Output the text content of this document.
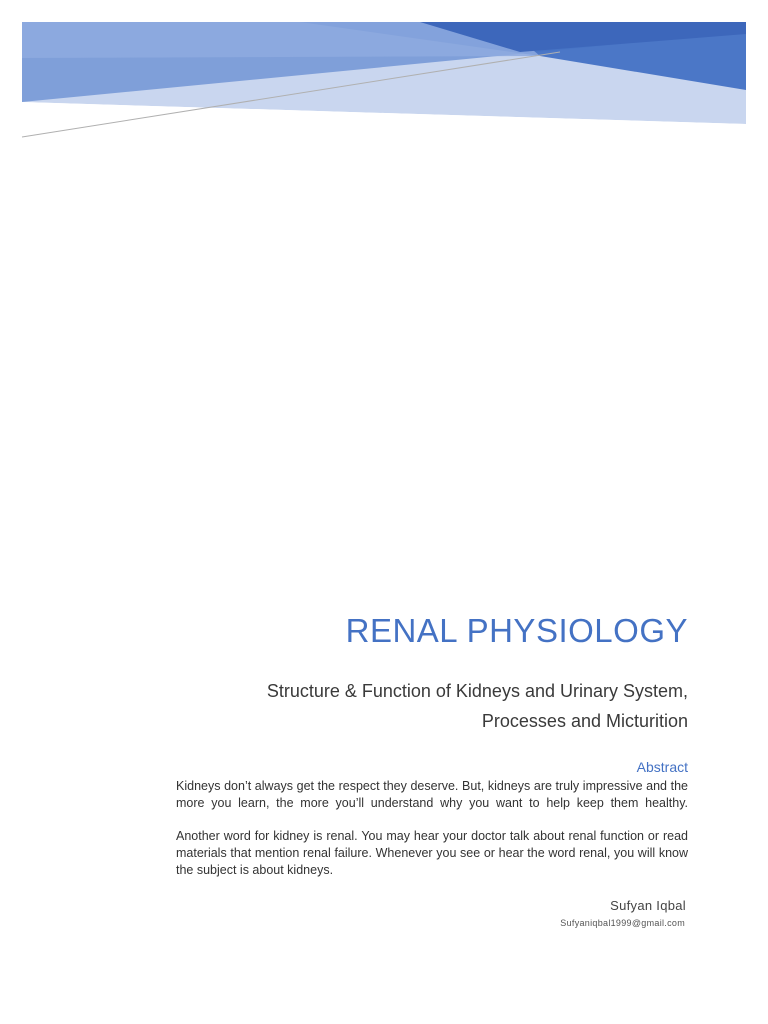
RENAL PHYSIOLOGY
Structure & Function of Kidneys and Urinary System,
Processes and Micturition
Abstract

Kidneys don’t always get the respect they deserve. But, kidneys are truly impressive and the more you learn, the more you’ll understand why you want to help keep them healthy.

Another word for kidney is renal. You may hear your doctor talk about renal function or read materials that mention renal failure. Whenever you see or hear the word renal, you will know the subject is about kidneys.

Sufyan Iqbal
Sufyaniqbal1999@gmail.com
